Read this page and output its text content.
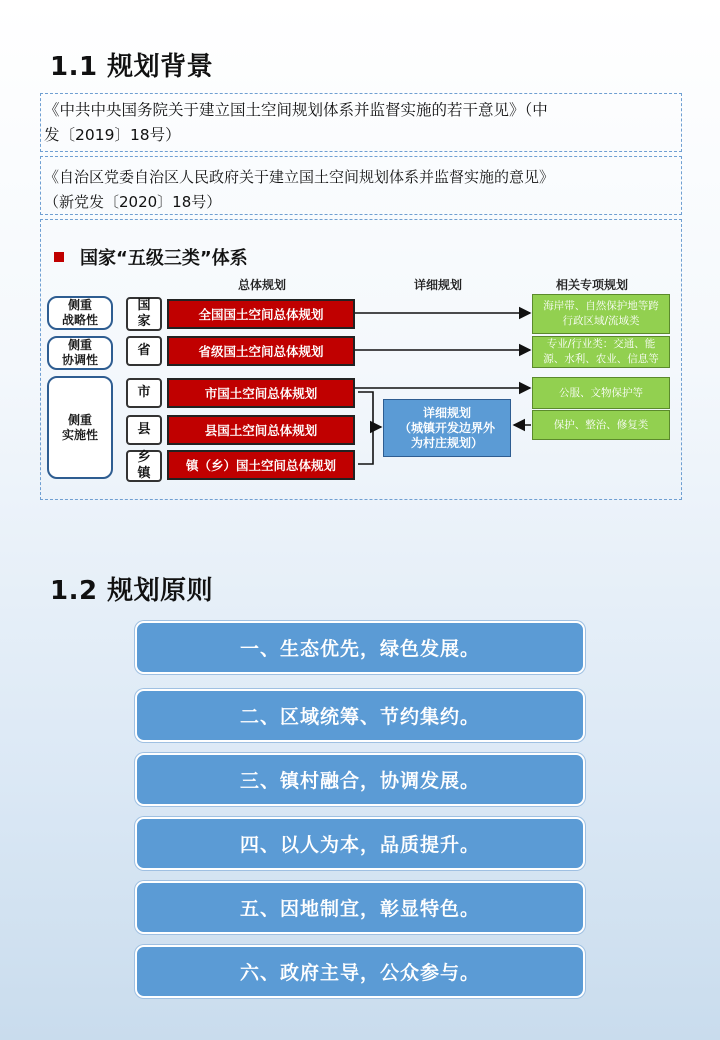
1.1 规划背景
《中共中央国务院关于建立国土空间规划体系并监督实施的若干意见》（中
发〔2019〕18号）
《自治区党委自治区人民政府关于建立国土空间规划体系并监督实施的意见》
（新党发〔2020〕18号）
国家“五级三类”体系
总体规划	详细规划	相关专项规划
侧重
战略性
侧重
协调性
侧重
实施性
国
家
省
市
县
乡
镇
全国国土空间总体规划
省级国土空间总体规划
市国土空间总体规划
县国土空间总体规划
镇（乡）国土空间总体规划
详细规划
（城镇开发边界外
为村庄规划）
海岸带、自然保护地等跨行政区域/流域类
专业/行业类：交通、能源、水利、农业、信息等
公服、文物保护等
保护、整治、修复类
1.2 规划原则
一、生态优先，绿色发展。
二、区域统筹、节约集约。
三、镇村融合，协调发展。
四、以人为本，品质提升。
五、因地制宜，彰显特色。
六、政府主导，公众参与。
